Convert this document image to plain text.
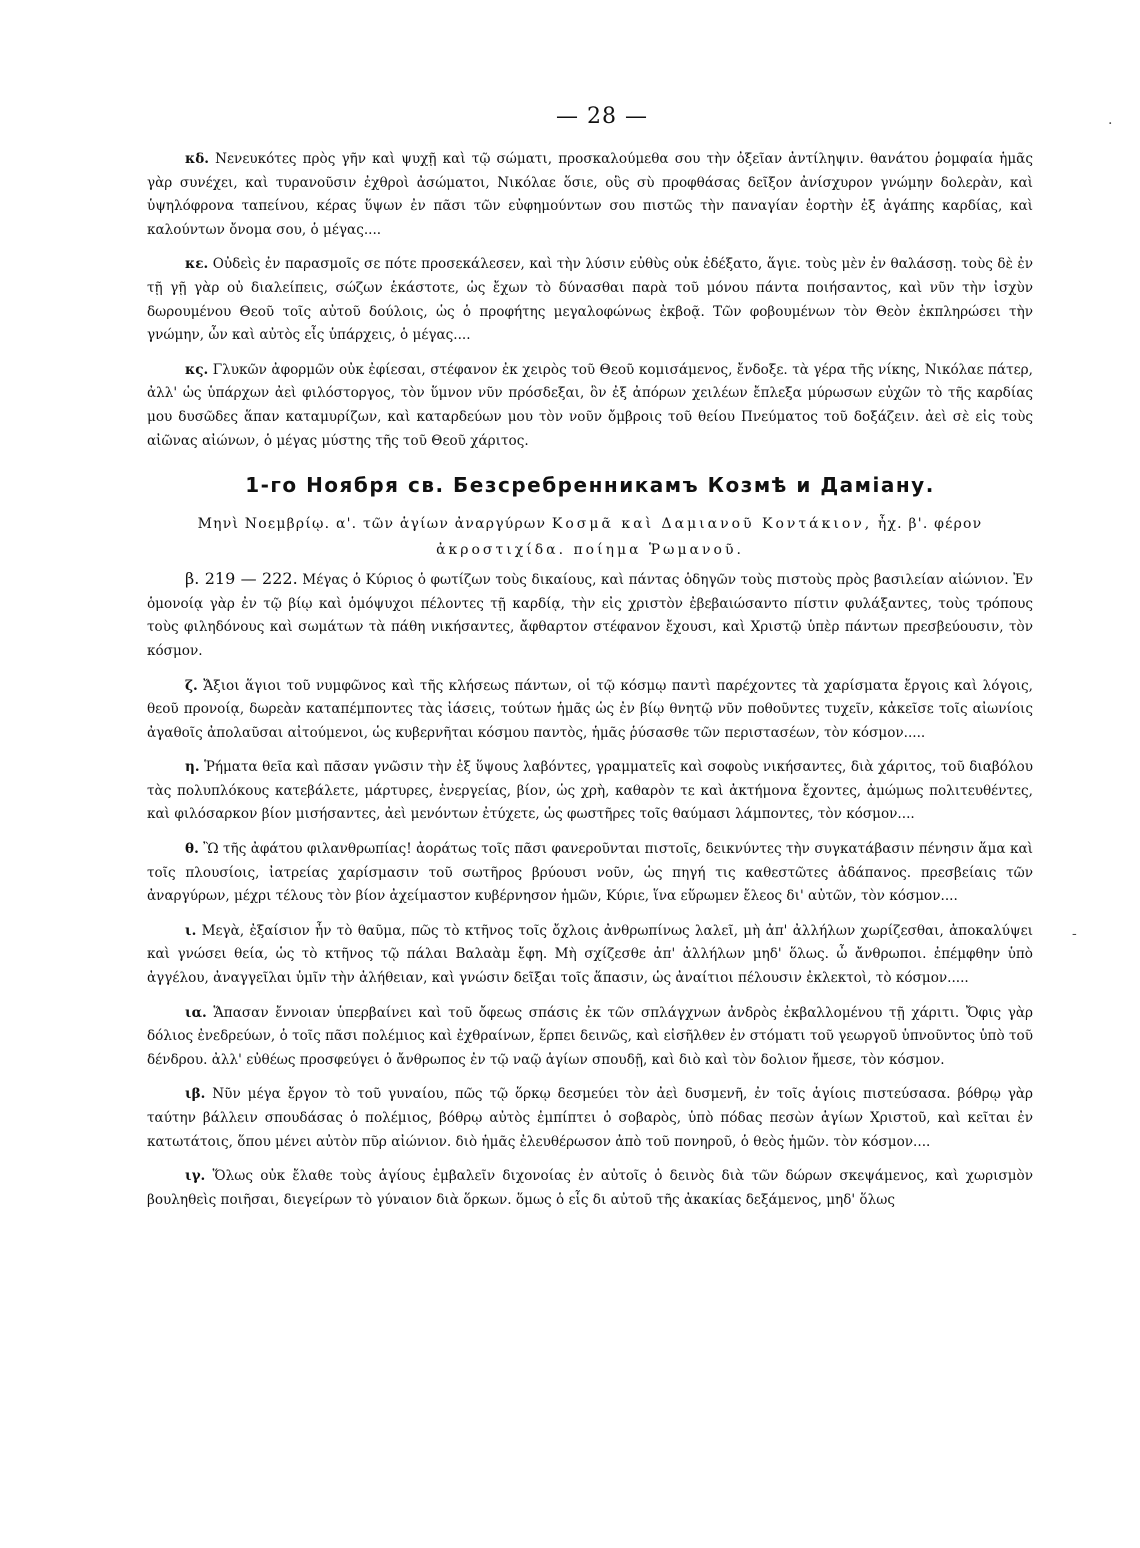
— 28 —

κδ. Νενευκότες πρὸς γῆν καὶ ψυχῇ καὶ τῷ σώματι, προσκαλούμεθα σου τὴν ὀξεῖαν ἀντίληψιν. θανάτου ῥομφαία ἡμᾶς γὰρ συνέχει, καὶ τυρανοῦσιν ἐχθροὶ ἀσώματοι, Νικόλαε ὅσιε, οὓς σὺ προφθάσας δεῖξον ἀνίσχυρον γνώμην δολερὰν, καὶ ὑψηλόφρονα ταπείνου, κέρας ὕψων ἐν πᾶσι τῶν εὐφημούντων σου πιστῶς τὴν παναγίαν ἑορτὴν ἐξ ἀγάπης καρδίας, καὶ καλούντων ὄνομα σου, ὁ μέγας....

κε. Οὐδεὶς ἐν παρασμοῖς σε πότε προσεκάλεσεν, καὶ τὴν λύσιν εὐθὺς οὐκ ἐδέξατο, ἅγιε. τοὺς μὲν ἐν θαλάσσῃ. τοὺς δὲ ἐν τῇ γῇ γὰρ οὐ διαλείπεις, σώζων ἑκάστοτε, ὡς ἔχων τὸ δύνασθαι παρὰ τοῦ μόνου πάντα ποιήσαντος, καὶ νῦν τὴν ἰσχὺν δωρουμένου Θεοῦ τοῖς αὐτοῦ δούλοις, ὡς ὁ προφήτης μεγαλοφώνως ἐκβοᾷ. Τῶν φοβουμένων τὸν Θεὸν ἐκπληρώσει τὴν γνώμην, ὧν καὶ αὐτὸς εἶς ὑπάρχεις, ὁ μέγας....

κς. Γλυκῶν ἀφορμῶν οὐκ ἐφίεσαι, στέφανον ἐκ χειρὸς τοῦ Θεοῦ κομισάμενος, ἔνδοξε. τὰ γέρα τῆς νίκης, Νικόλαε πάτερ, ἀλλ' ὡς ὑπάρχων ἀεὶ φιλόστοργος, τὸν ὕμνον νῦν πρόσδεξαι, ὃν ἐξ ἀπόρων χειλέων ἔπλεξα μύρωσων εὐχῶν τὸ τῆς καρδίας μου δυσῶδες ἅπαν καταμυρίζων, καὶ καταρδεύων μου τὸν νοῦν ὄμβροις τοῦ θείου Πνεύματος τοῦ δοξάζειν. ἀεὶ σὲ εἰς τοὺς αἰῶνας αἰώνων, ὁ μέγας μύστης τῆς τοῦ Θεοῦ χάριτος.

1-го Ноября св. Безсребренникамъ Козмѣ и Даміану.
Μηνὶ Νοεμβρίῳ. α'. τῶν ἁγίων ἀναργύρων Κοσμᾶ καὶ Δαμιανοῦ Κοντάκιον, ἦχ. β'. φέρον
ἀκροστιχίδα. ποίημα Ῥωμανοῦ.

β. 219 — 222. Μέγας ὁ Κύριος ὁ φωτίζων τοὺς δικαίους, καὶ πάντας ὁδηγῶν τοὺς πιστοὺς πρὸς βασιλείαν αἰώνιον. Ἐν ὁμονοίᾳ γὰρ ἐν τῷ βίῳ καὶ ὁμόψυχοι πέλοντες τῇ καρδίᾳ, τὴν εἰς χριστὸν ἐβεβαιώσαντο πίστιν φυλάξαντες, τοὺς τρόπους τοὺς φιληδόνους καὶ σωμάτων τὰ πάθη νικήσαντες, ἄφθαρτον στέφανον ἔχουσι, καὶ Χριστῷ ὑπὲρ πάντων πρεσβεύουσιν, τὸν κόσμον.

ζ. Ἄξιοι ἅγιοι τοῦ νυμφῶνος καὶ τῆς κλήσεως πάντων, οἱ τῷ κόσμῳ παντὶ παρέχοντες τὰ χαρίσματα ἔργοις καὶ λόγοις, θεοῦ προνοίᾳ, δωρεὰν καταπέμποντες τὰς ἰάσεις, τούτων ἡμᾶς ὡς ἐν βίῳ θνητῷ νῦν ποθοῦντες τυχεῖν, κἀκεῖσε τοῖς αἰωνίοις ἀγαθοῖς ἀπολαῦσαι αἰτούμενοι, ὡς κυβερνῆται κόσμου παντὸς, ἡμᾶς ῥύσασθε τῶν περιστασέων, τὸν κόσμον.....

η. Ῥήματα θεῖα καὶ πᾶσαν γνῶσιν τὴν ἐξ ὕψους λαβόντες, γραμματεῖς καὶ σοφοὺς νικήσαντες, διὰ χάριτος, τοῦ διαβόλου τὰς πολυπλόκους κατεβάλετε, μάρτυρες, ἐνεργείας, βίον, ὡς χρὴ, καθαρὸν τε καὶ ἀκτήμονα ἔχοντες, ἀμώμως πολιτευθέντες, καὶ φιλόσαρκον βίον μισήσαντες, ἀεὶ μενόντων ἐτύχετε, ὡς φωστῆρες τοῖς θαύμασι λάμποντες, τὸν κόσμον....

θ. Ὢ τῆς ἀφάτου φιλανθρωπίας! ἀοράτως τοῖς πᾶσι φανεροῦνται πιστοῖς, δεικνύντες τὴν συγκατάβασιν πένησιν ἅμα καὶ τοῖς πλουσίοις, ἰατρείας χαρίσμασιν τοῦ σωτῆρος βρύουσι νοῦν, ὡς πηγή τις καθεστῶτες ἀδάπανος. πρεσβείαις τῶν ἀναργύρων, μέχρι τέλους τὸν βίον ἀχείμαστον κυβέρνησον ἡμῶν, Κύριε, ἵνα εὕρωμεν ἔλεος δι' αὐτῶν, τὸν κόσμον....

ι. Μεγὰ, ἐξαίσιον ἦν τὸ θαῦμα, πῶς τὸ κτῆνος τοῖς ὄχλοις ἀνθρωπίνως λαλεῖ, μὴ ἀπ' ἀλλήλων χωρίζεσθαι, ἀποκαλύψει καὶ γνώσει θεία, ὡς τὸ κτῆνος τῷ πάλαι Βαλαὰμ ἔφη. Μὴ σχίζεσθε ἀπ' ἀλλήλων μηδ' ὅλως. ὦ ἄνθρωποι. ἐπέμφθην ὑπὸ ἀγγέλου, ἀναγγεῖλαι ὑμῖν τὴν ἀλήθειαν, καὶ γνώσιν δεῖξαι τοῖς ἅπασιν, ὡς ἀναίτιοι πέλουσιν ἐκλεκτοὶ, τὸ κόσμον.....

ια. Ἅπασαν ἔννοιαν ὑπερβαίνει καὶ τοῦ ὄφεως σπάσις ἐκ τῶν σπλάγχνων ἀνδρὸς ἐκβαλλομένου τῇ χάριτι. Ὄφις γὰρ δόλιος ἐνεδρεύων, ὁ τοῖς πᾶσι πολέμιος καὶ ἐχθραίνων, ἕρπει δεινῶς, καὶ εἰσῆλθεν ἐν στόματι τοῦ γεωργοῦ ὑπνοῦντος ὑπὸ τοῦ δένδρου. ἀλλ' εὐθέως προσφεύγει ὁ ἄνθρωπος ἐν τῷ ναῷ ἁγίων σπουδῇ, καὶ διὸ καὶ τὸν δολιον ἤμεσε, τὸν κόσμον.

ιβ. Νῦν μέγα ἔργον τὸ τοῦ γυναίου, πῶς τῷ ὅρκῳ δεσμεύει τὸν ἀεὶ δυσμενῆ, ἐν τοῖς ἁγίοις πιστεύσασα. βόθρῳ γὰρ ταύτην βάλλειν σπουδάσας ὁ πολέμιος, βόθρῳ αὐτὸς ἐμπίπτει ὁ σοβαρὸς, ὑπὸ πόδας πεσὼν ἁγίων Χριστοῦ, καὶ κεῖται ἐν κατωτάτοις, ὅπου μένει αὐτὸν πῦρ αἰώνιον. διὸ ἡμᾶς ἐλευθέρωσον ἀπὸ τοῦ πονηροῦ, ὁ θεὸς ἡμῶν. τὸν κόσμον....

ιγ. Ὅλως οὐκ ἔλαθε τοὺς ἁγίους ἐμβαλεῖν διχονοίας ἐν αὐτοῖς ὁ δεινὸς διὰ τῶν δώρων σκεψάμενος, καὶ χωρισμὸν βουληθεὶς ποιῆσαι, διεγείρων τὸ γύναιον διὰ ὅρκων. ὅμως ὁ εἷς δι αὐτοῦ τῆς ἀκακίας δεξάμενος, μηδ' ὅλως

.
-
